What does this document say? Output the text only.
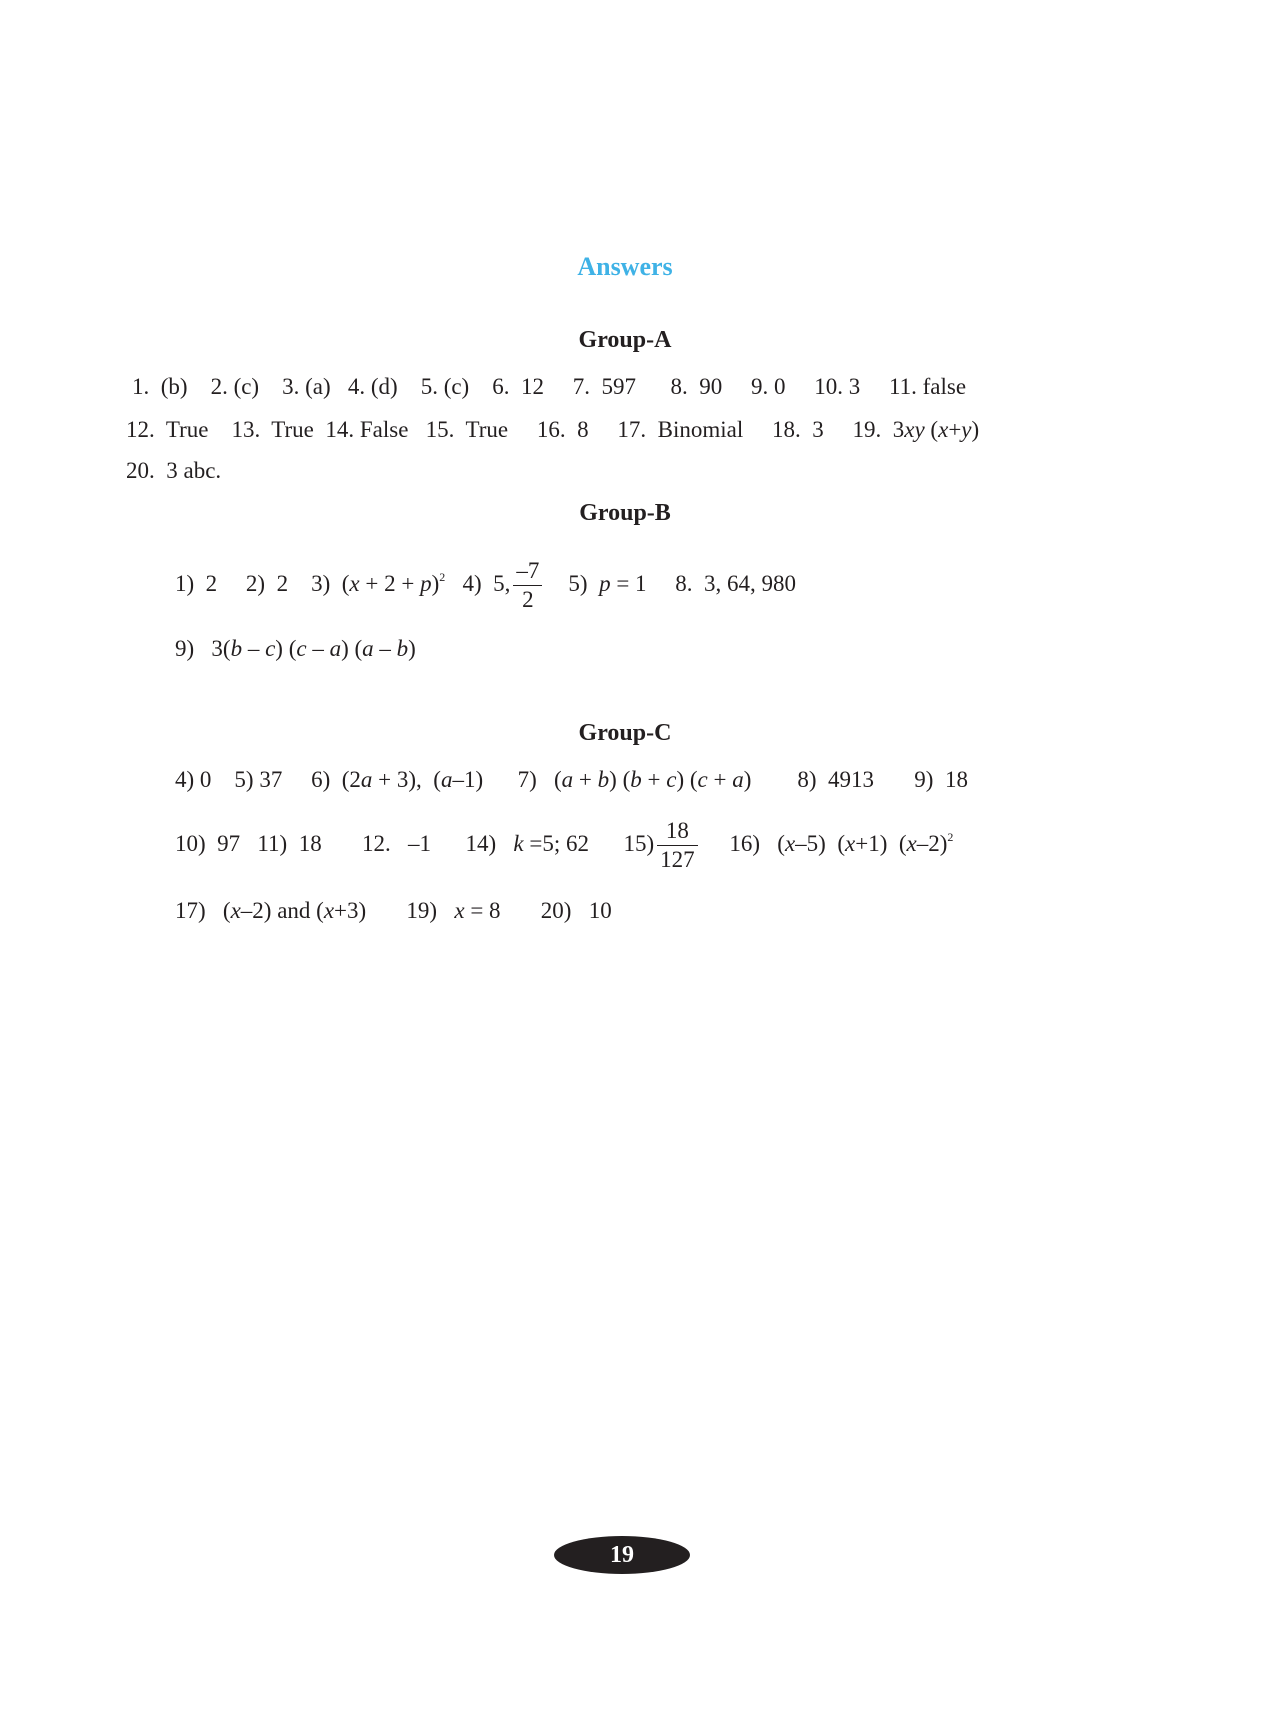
Answers
Group-A
1.  (b)    2. (c)    3. (a)   4. (d)    5. (c)    6.  12     7.  597      8.  90     9. 0     10. 3     11. false
12.  True    13.  True  14. False   15.  True     16.  8     17.  Binomial     18.  3     19.  3xy (x+y)
20.  3 abc.
Group-B
1)  2     2)  2    3)  $(x + 2 + p)^2$   4)  5, $\frac{-7}{2} 5$)  p = 1     8.  3, 64, 980
9)   3(b – c) (c – a) (a – b)
Group-C
4) 0    5) 37     6)  (2a + 3),  (a–1)      7)   (a + b) (b + c) (c + a)        8)  4913       9)  18
10)  97   11)  18       12.   –1      14)   k =5; 62      $15) \frac{18}{127} 16$)   (x–5)  (x+1)  $(x-2)^2$
17)   (x–2) and (x+3)       19)   x = 8       20)   10
19
